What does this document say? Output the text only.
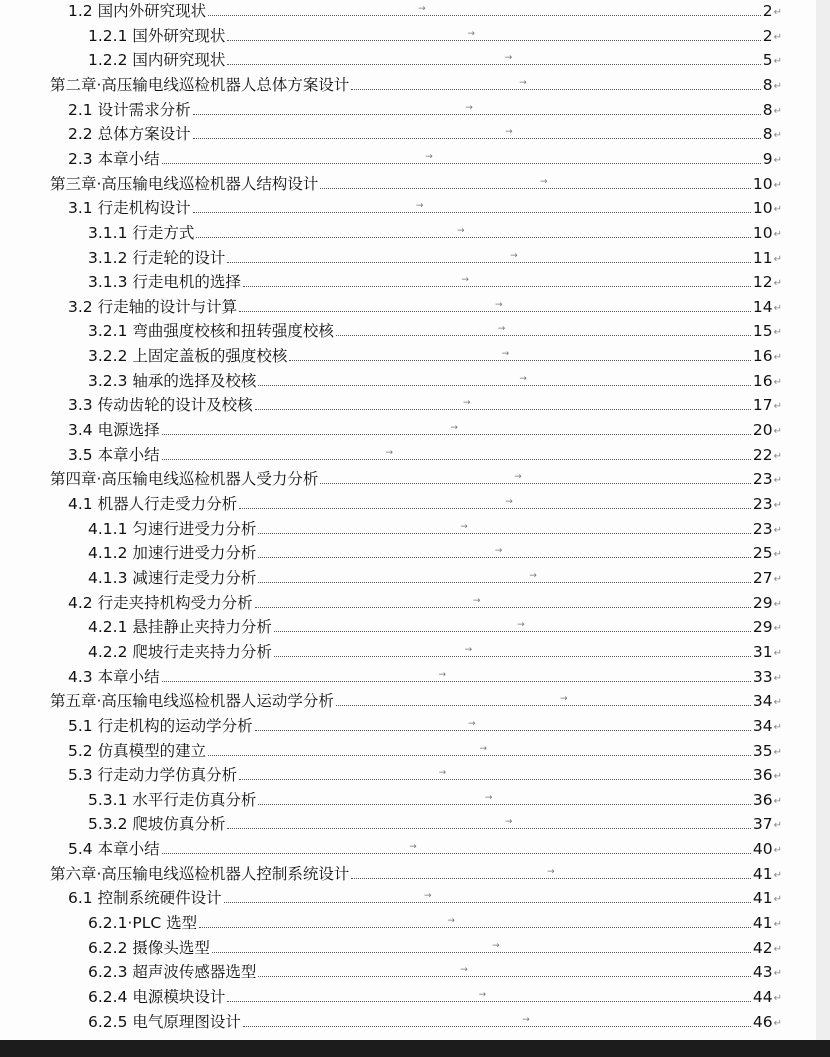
1.2 国内外研究现状	→	2 ↵
1.2.1 国外研究现状	→	2 ↵
1.2.2 国内研究现状	→	5 ↵
第二章·高压输电线巡检机器人总体方案设计	→	8 ↵
2.1 设计需求分析	→	8 ↵
2.2 总体方案设计	→	8 ↵
2.3 本章小结	→	9 ↵
第三章·高压输电线巡检机器人结构设计	→	10 ↵
3.1 行走机构设计	→	10 ↵
3.1.1 行走方式	→	10 ↵
3.1.2 行走轮的设计	→	11 ↵
3.1.3 行走电机的选择	→	12 ↵
3.2 行走轴的设计与计算	→	14 ↵
3.2.1 弯曲强度校核和扭转强度校核	→	15 ↵
3.2.2 上固定盖板的强度校核	→	16 ↵
3.2.3 轴承的选择及校核	→	16 ↵
3.3 传动齿轮的设计及校核	→	17 ↵
3.4 电源选择	→	20 ↵
3.5 本章小结	→	22 ↵
第四章·高压输电线巡检机器人受力分析	→	23 ↵
4.1 机器人行走受力分析	→	23 ↵
4.1.1 匀速行进受力分析	→	23 ↵
4.1.2 加速行进受力分析	→	25 ↵
4.1.3 减速行走受力分析	→	27 ↵
4.2 行走夹持机构受力分析	→	29 ↵
4.2.1 悬挂静止夹持力分析	→	29 ↵
4.2.2 爬坡行走夹持力分析	→	31 ↵
4.3 本章小结	→	33 ↵
第五章·高压输电线巡检机器人运动学分析	→	34 ↵
5.1 行走机构的运动学分析	→	34 ↵
5.2 仿真模型的建立	→	35 ↵
5.3 行走动力学仿真分析	→	36 ↵
5.3.1 水平行走仿真分析	→	36 ↵
5.3.2 爬坡仿真分析	→	37 ↵
5.4 本章小结	→	40 ↵
第六章·高压输电线巡检机器人控制系统设计	→	41 ↵
6.1 控制系统硬件设计	→	41 ↵
6.2.1·PLC 选型	→	41 ↵
6.2.2 摄像头选型	→	42 ↵
6.2.3 超声波传感器选型	→	43 ↵
6.2.4 电源模块设计	→	44 ↵
6.2.5 电气原理图设计	→	46 ↵
